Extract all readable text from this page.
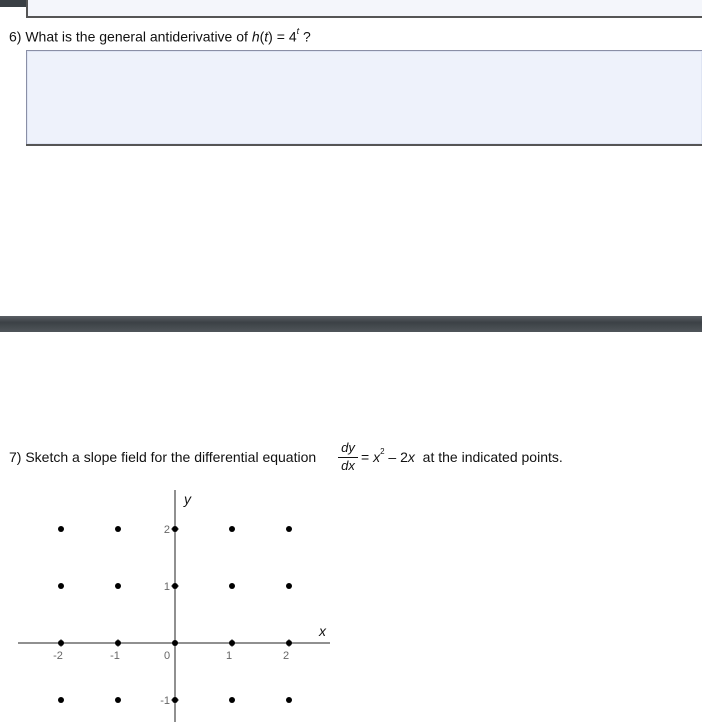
6) What is the general antiderivative of $h(t) = 4^t$ ?
7) Sketch a slope field for the differential equation $\frac{dy}{dx} = x^2 - 2x$ at the indicated points.
x
y
-2	-1	0	1	2
2
1
-1
